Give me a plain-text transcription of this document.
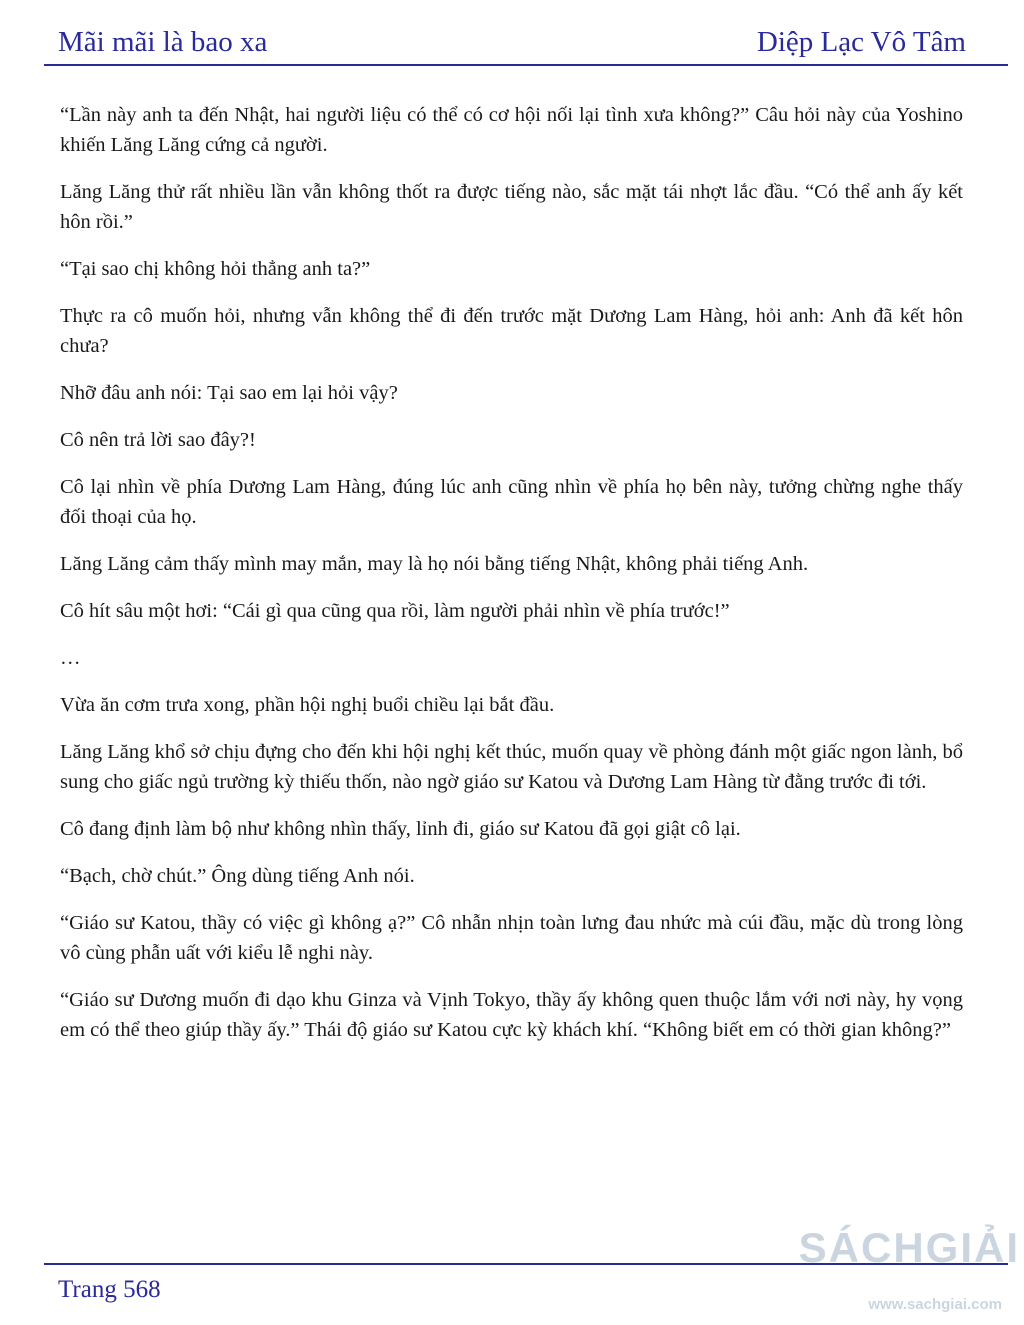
Mãi mãi là bao xa	Diệp Lạc Vô Tâm

“Lần này anh ta đến Nhật, hai người liệu có thể có cơ hội nối lại tình xưa không?” Câu hỏi này của Yoshino khiến Lăng Lăng cứng cả người.

Lăng Lăng thử rất nhiều lần vẫn không thốt ra được tiếng nào, sắc mặt tái nhợt lắc đầu. “Có thể anh ấy kết hôn rồi.”

“Tại sao chị không hỏi thẳng anh ta?”

Thực ra cô muốn hỏi, nhưng vẫn không thể đi đến trước mặt Dương Lam Hàng, hỏi anh: Anh đã kết hôn chưa?

Nhỡ đâu anh nói: Tại sao em lại hỏi vậy?

Cô nên trả lời sao đây?!

Cô lại nhìn về phía Dương Lam Hàng, đúng lúc anh cũng nhìn về phía họ bên này, tưởng chừng nghe thấy đối thoại của họ.

Lăng Lăng cảm thấy mình may mắn, may là họ nói bằng tiếng Nhật, không phải tiếng Anh.

Cô hít sâu một hơi: “Cái gì qua cũng qua rồi, làm người phải nhìn về phía trước!”

…

Vừa ăn cơm trưa xong, phần hội nghị buổi chiều lại bắt đầu.

Lăng Lăng khổ sở chịu đựng cho đến khi hội nghị kết thúc, muốn quay về phòng đánh một giấc ngon lành, bổ sung cho giấc ngủ trường kỳ thiếu thốn, nào ngờ giáo sư Katou và Dương Lam Hàng từ đằng trước đi tới.

Cô đang định làm bộ như không nhìn thấy, lỉnh đi, giáo sư Katou đã gọi giật cô lại.

“Bạch, chờ chút.” Ông dùng tiếng Anh nói.

“Giáo sư Katou, thầy có việc gì không ạ?” Cô nhẫn nhịn toàn lưng đau nhức mà cúi đầu, mặc dù trong lòng vô cùng phẫn uất với kiểu lễ nghi này.

“Giáo sư Dương muốn đi dạo khu Ginza và Vịnh Tokyo, thầy ấy không quen thuộc lắm với nơi này, hy vọng em có thể theo giúp thầy ấy.” Thái độ giáo sư Katou cực kỳ khách khí. “Không biết em có thời gian không?”

Trang 568
SÁCHGIẢI
www.sachgiai.com
